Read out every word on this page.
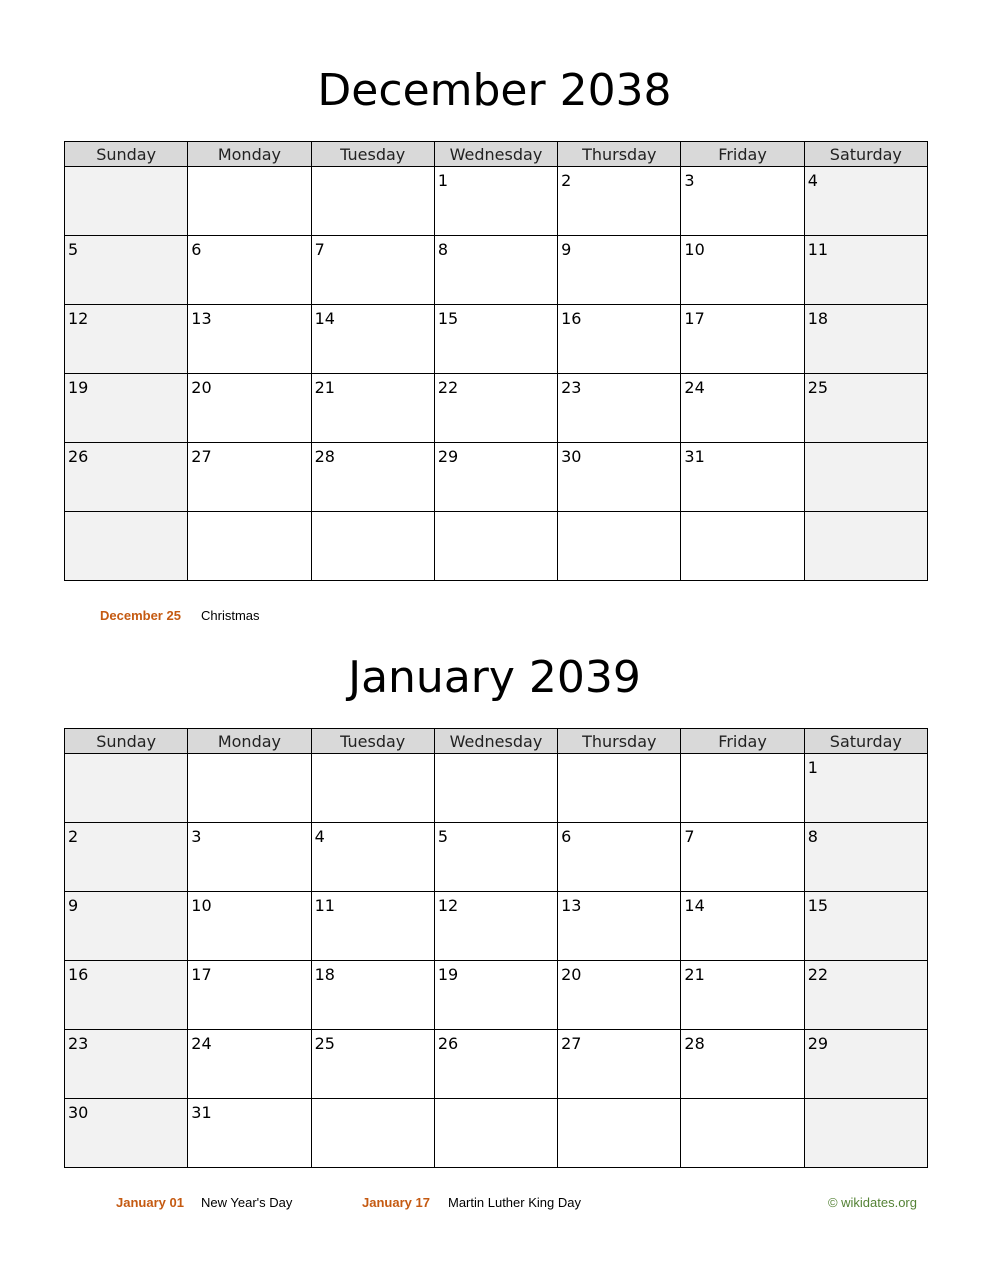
December 2038
Sunday	Monday	Tuesday	Wednesday	Thursday	Friday	Saturday

			1	2	3	4

5	6	7	8	9	10	11

12	13	14	15	16	17	18

19	20	21	22	23	24	25

26	27	28	29	30	31	

December 25 Christmas
January 2039
Sunday	Monday	Tuesday	Wednesday	Thursday	Friday	Saturday

						1

2	3	4	5	6	7	8

9	10	11	12	13	14	15

16	17	18	19	20	21	22

23	24	25	26	27	28	29

30	31					

January 01 New Year's Day	January 17 Martin Luther King Day	© wikidates.org
